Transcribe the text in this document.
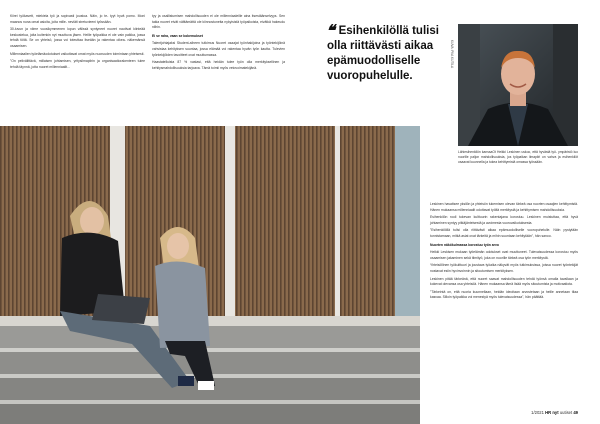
Kiirei työkavett, miekiela työ ja sopivasti joustoa. Näin, jo te- tyyt hyvä pomo. Moni maanos nuna omat asioita, joita mille- neviäti stretuvieeni työssään.

30-luvun ja viime vuosikymmenen lopun välissä syntyneet nuoret nautivat kiinteää keskustelua, joita kuitenkin nyt muuttuva jäsen. Heille työpaikka ei ole vain paikka, jossa tehdä töitä. Se on yhteisö, jossa voi toteuttaa itseään ja rakentaa oikea- näkemänsä osaamisen.

Millenniaalien työelämäodotukset vaikuttavat omat myös nuoruuden toimintaan yhteisesti.

"On pelivälittävä, millaisen johtamisen, yritysilmapiirin ja organisaatiorakenteen tulee tehdä täynnä, jotta nuoret millenniaalit...

tyy ja osallistumisen mahdollisuuden ei ole millenniaaleille aina itsestäänselvyys. Sen takia nuoret eivät välttämättä ole kiinnostuneita nykyisistä työpaikoista, eivätkä hakeudu niihin.

Ei se raha, vaan se kokemukset

Talentjohtajaksi Student-aiheen tutkimus Nuoret osaajat työnhakijoina ja työntekijöinä vahvistaa kehityksen suuntaa, jossa elämää voi rakentaa hyvän työn kautta. Tulevien työntekijöiden tavoitteet ovat muuttumassa.

Haastatelluista 87 % vastasi, että heidän tulee työn olla merkityksellinen ja kehitysmahdollisuuksia tarjoava. Tämä toimii myös vetovoimatekijänä.

❝Esihenkilöllä tulisi olla riittävästi aikaa epämuodolliselle vuoropuhelulle.
KUVA: PIIA KUTILA
Lähiesihenkilön kanssaOt Heikki Leskinen uskoo, että hyvästä työ- ympäristö luo nuorille paljon mahdollisuuksia, jos työpaikan ilmapiiri on vahva ja esihenkilöt osaavat kuunnella ja tukea kehittymistä omassa työssään.

Leskinen havaitsee yksilön ja yhteisön tukemisen olevan tärkeä osa nuorten osaajien kehittymistä. Hänen mukaansa millenniaalit odottavat työltä merkitystä ja kehittymisen mahdollisuuksia.

Esihenkilön rooli tukevan kulttuurin rakentajana korostuu. Leskinen muistuttaa, että hyvä johtaminen syntyy pitkäjänteisestä ja avoimesta vuorovaikutuksesta.

"Esihenkilöllä tulisi olla riittävästi aikaa epämuodolliselle vuoropuhelulle. Näin pystytään tunnistamaan, mitkä asiat ovat tärkeitä ja mihin suuntaan kehitytään", hän sanoo.

Nuorten näkökulmassa korostuu työn arvo

Heikki Leskisen mukaan työelämän odotukset ovat muuttuneet. Tulevaisuudessa korostuu myös osaamisen jakaminen sekä tiimityö, joka on nuorille tärkeä osa työn merkitystä.

Yhteisöllinen työkulttuuri ja joustava työaika näkyvät myös tutkimuksissa, joissa nuoret työntekijät nostavat esiin hyvinvoinnin ja sitoutumisen merkityksen.

Leskinen pitää tärkeänä, että nuoret saavat mahdollisuuden tehdä työnsä omalla tavallaan ja kokevat olevansa osa yhteisöä. Hänen mukaansa tämä lisää myös sitoutumista ja motivaatiota.

"Tärkeintä on, että nuoria kuunnellaan, heidän ideoitaan arvostetaan ja heille annetaan tilaa kasvaa. Silloin työpaikka voi menestyä myös tulevaisuudessa", hän päättää.

1/2021 HR nyt uutiset 49
